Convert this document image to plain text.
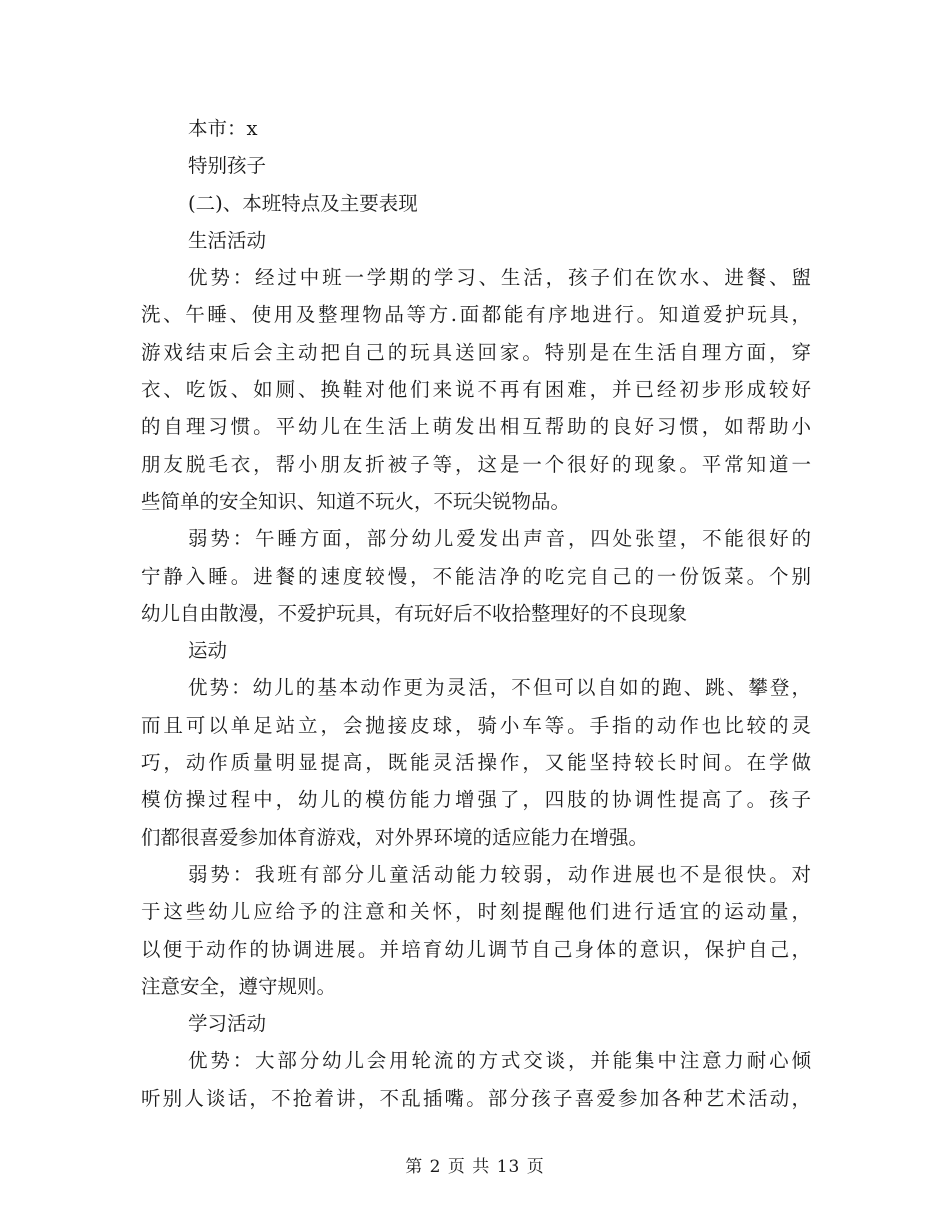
本市：x
特别孩子
(二)、本班特点及主要表现
生活活动
优势：经过中班一学期的学习、生活，孩子们在饮水、进餐、盥
洗、午睡、使用及整理物品等方.面都能有序地进行。知道爱护玩具，
游戏结束后会主动把自己的玩具送回家。特别是在生活自理方面，穿
衣、吃饭、如厕、换鞋对他们来说不再有困难，并已经初步形成较好
的自理习惯。平幼儿在生活上萌发出相互帮助的良好习惯，如帮助小
朋友脱毛衣，帮小朋友折被子等，这是一个很好的现象。平常知道一
些简单的安全知识、知道不玩火，不玩尖锐物品。
弱势：午睡方面，部分幼儿爱发出声音，四处张望，不能很好的
宁静入睡。进餐的速度较慢，不能洁净的吃完自己的一份饭菜。个别
幼儿自由散漫，不爱护玩具，有玩好后不收拾整理好的不良现象
运动
优势：幼儿的基本动作更为灵活，不但可以自如的跑、跳、攀登，
而且可以单足站立，会抛接皮球，骑小车等。手指的动作也比较的灵
巧，动作质量明显提高，既能灵活操作，又能坚持较长时间。在学做
模仿操过程中，幼儿的模仿能力增强了，四肢的协调性提高了。孩子
们都很喜爱参加体育游戏，对外界环境的适应能力在增强。
弱势：我班有部分儿童活动能力较弱，动作进展也不是很快。对
于这些幼儿应给予的注意和关怀，时刻提醒他们进行适宜的运动量，
以便于动作的协调进展。并培育幼儿调节自己身体的意识，保护自己，
注意安全，遵守规则。
学习活动
优势：大部分幼儿会用轮流的方式交谈，并能集中注意力耐心倾
听别人谈话，不抢着讲，不乱插嘴。部分孩子喜爱参加各种艺术活动，
第 2 页 共 13 页
